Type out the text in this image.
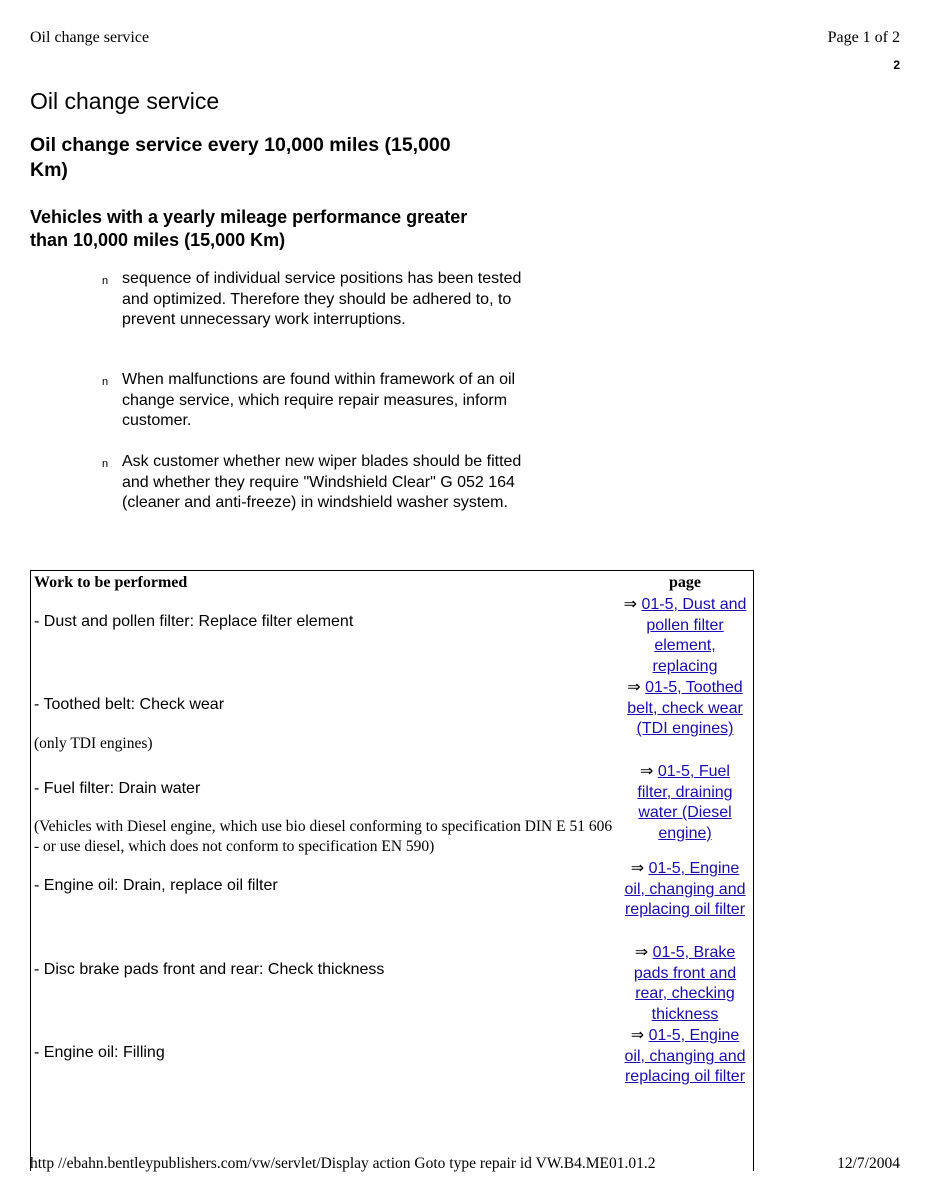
Oil change service	Page 1 of 2
2
Oil change service
Oil change service every 10,000 miles (15,000 Km)
Vehicles with a yearly mileage performance greater than 10,000 miles (15,000 Km)
n sequence of individual service positions has been tested and optimized. Therefore they should be adhered to, to prevent unnecessary work interruptions.
n When malfunctions are found within framework of an oil change service, which require repair measures, inform customer.
n Ask customer whether new wiper blades should be fitted and whether they require "Windshield Clear" G 052 164 (cleaner and anti-freeze) in windshield washer system.
Work to be performed	page
- Dust and pollen filter: Replace filter element
⇒ 01-5, Dust and pollen filter element, replacing
- Toothed belt: Check wear
(only TDI engines)
⇒ 01-5, Toothed belt, check wear (TDI engines)
- Fuel filter: Drain water
(Vehicles with Diesel engine, which use bio diesel conforming to specification DIN E 51 606 - or use diesel, which does not conform to specification EN 590)
⇒ 01-5, Fuel filter, draining water (Diesel engine)
- Engine oil: Drain, replace oil filter
⇒ 01-5, Engine oil, changing and replacing oil filter
- Disc brake pads front and rear: Check thickness
⇒ 01-5, Brake pads front and rear, checking thickness
- Engine oil: Filling
⇒ 01-5, Engine oil, changing and replacing oil filter
http //ebahn.bentleypublishers.com/vw/servlet/Display action Goto type repair id VW.B4.ME01.01.2	12/7/2004
